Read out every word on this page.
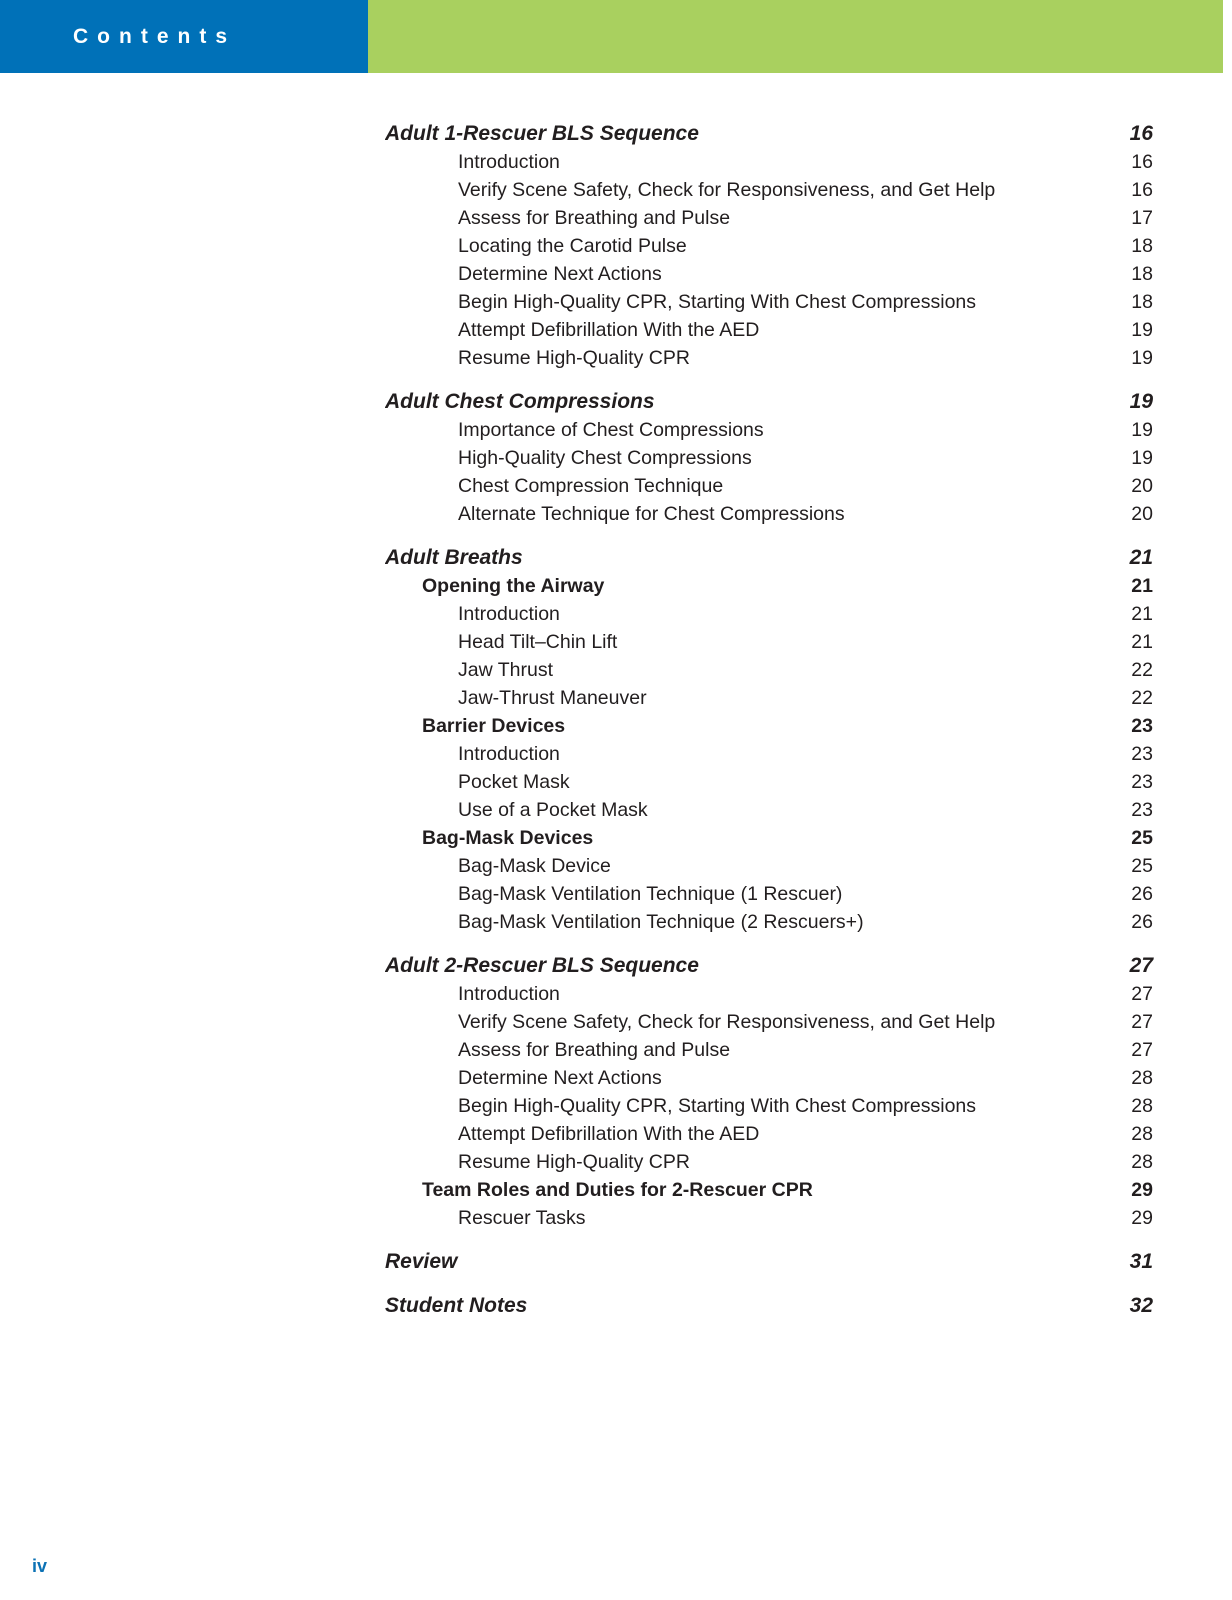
Contents
Adult 1-Rescuer BLS Sequence	16
Introduction	16
Verify Scene Safety, Check for Responsiveness, and Get Help	16
Assess for Breathing and Pulse	17
Locating the Carotid Pulse	18
Determine Next Actions	18
Begin High-Quality CPR, Starting With Chest Compressions	18
Attempt Defibrillation With the AED	19
Resume High-Quality CPR	19
Adult Chest Compressions	19
Importance of Chest Compressions	19
High-Quality Chest Compressions	19
Chest Compression Technique	20
Alternate Technique for Chest Compressions	20
Adult Breaths	21
Opening the Airway	21
Introduction	21
Head Tilt–Chin Lift	21
Jaw Thrust	22
Jaw-Thrust Maneuver	22
Barrier Devices	23
Introduction	23
Pocket Mask	23
Use of a Pocket Mask	23
Bag-Mask Devices	25
Bag-Mask Device	25
Bag-Mask Ventilation Technique (1 Rescuer)	26
Bag-Mask Ventilation Technique (2 Rescuers+)	26
Adult 2-Rescuer BLS Sequence	27
Introduction	27
Verify Scene Safety, Check for Responsiveness, and Get Help	27
Assess for Breathing and Pulse	27
Determine Next Actions	28
Begin High-Quality CPR, Starting With Chest Compressions	28
Attempt Defibrillation With the AED	28
Resume High-Quality CPR	28
Team Roles and Duties for 2-Rescuer CPR	29
Rescuer Tasks	29
Review	31
Student Notes	32
iv
